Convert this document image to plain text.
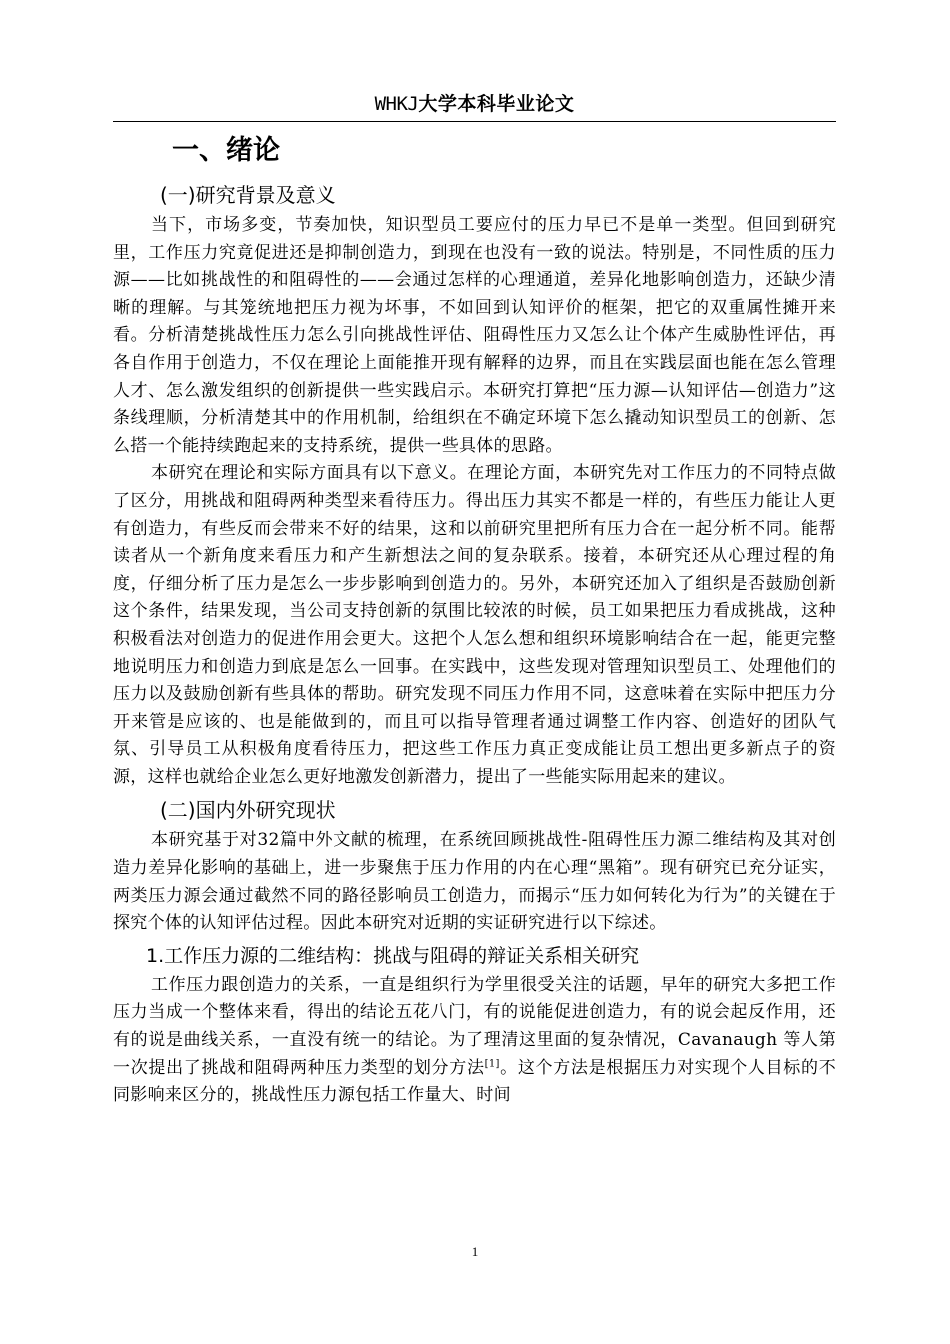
WHKJ大学本科毕业论文
一、绪论
(一)研究背景及意义

当下，市场多变，节奏加快，知识型员工要应付的压力早已不是单一类型。但回到研究里，工作压力究竟促进还是抑制创造力，到现在也没有一致的说法。特别是，不同性质的压力源——比如挑战性的和阻碍性的——会通过怎样的心理通道，差异化地影响创造力，还缺少清晰的理解。与其笼统地把压力视为坏事，不如回到认知评价的框架，把它的双重属性摊开来看。分析清楚挑战性压力怎么引向挑战性评估、阻碍性压力又怎么让个体产生威胁性评估，再各自作用于创造力，不仅在理论上面能推开现有解释的边界，而且在实践层面也能在怎么管理人才、怎么激发组织的创新提供一些实践启示。本研究打算把“压力源—认知评估—创造力”这条线理顺，分析清楚其中的作用机制，给组织在不确定环境下怎么撬动知识型员工的创新、怎么搭一个能持续跑起来的支持系统，提供一些具体的思路。

本研究在理论和实际方面具有以下意义。在理论方面，本研究先对工作压力的不同特点做了区分，用挑战和阻碍两种类型来看待压力。得出压力其实不都是一样的，有些压力能让人更有创造力，有些反而会带来不好的结果，这和以前研究里把所有压力合在一起分析不同。能帮读者从一个新角度来看压力和产生新想法之间的复杂联系。接着，本研究还从心理过程的角度，仔细分析了压力是怎么一步步影响到创造力的。另外，本研究还加入了组织是否鼓励创新这个条件，结果发现，当公司支持创新的氛围比较浓的时候，员工如果把压力看成挑战，这种积极看法对创造力的促进作用会更大。这把个人怎么想和组织环境影响结合在一起，能更完整地说明压力和创造力到底是怎么一回事。在实践中，这些发现对管理知识型员工、处理他们的压力以及鼓励创新有些具体的帮助。研究发现不同压力作用不同，这意味着在实际中把压力分开来管是应该的、也是能做到的，而且可以指导管理者通过调整工作内容、创造好的团队气氛、引导员工从积极角度看待压力，把这些工作压力真正变成能让员工想出更多新点子的资源，这样也就给企业怎么更好地激发创新潜力，提出了一些能实际用起来的建议。

(二)国内外研究现状

本研究基于对32篇中外文献的梳理，在系统回顾挑战性-阻碍性压力源二维结构及其对创造力差异化影响的基础上，进一步聚焦于压力作用的内在心理“黑箱”。现有研究已充分证实，两类压力源会通过截然不同的路径影响员工创造力，而揭示“压力如何转化为行为”的关键在于探究个体的认知评估过程。因此本研究对近期的实证研究进行以下综述。

1.工作压力源的二维结构：挑战与阻碍的辩证关系相关研究

工作压力跟创造力的关系，一直是组织行为学里很受关注的话题，早年的研究大多把工作压力当成一个整体来看，得出的结论五花八门，有的说能促进创造力，有的说会起反作用，还有的说是曲线关系，一直没有统一的结论。为了理清这里面的复杂情况，Cavanaugh 等人第一次提出了挑战和阻碍两种压力类型的划分方法[1]。这个方法是根据压力对实现个人目标的不同影响来区分的，挑战性压力源包括工作量大、时间

1
